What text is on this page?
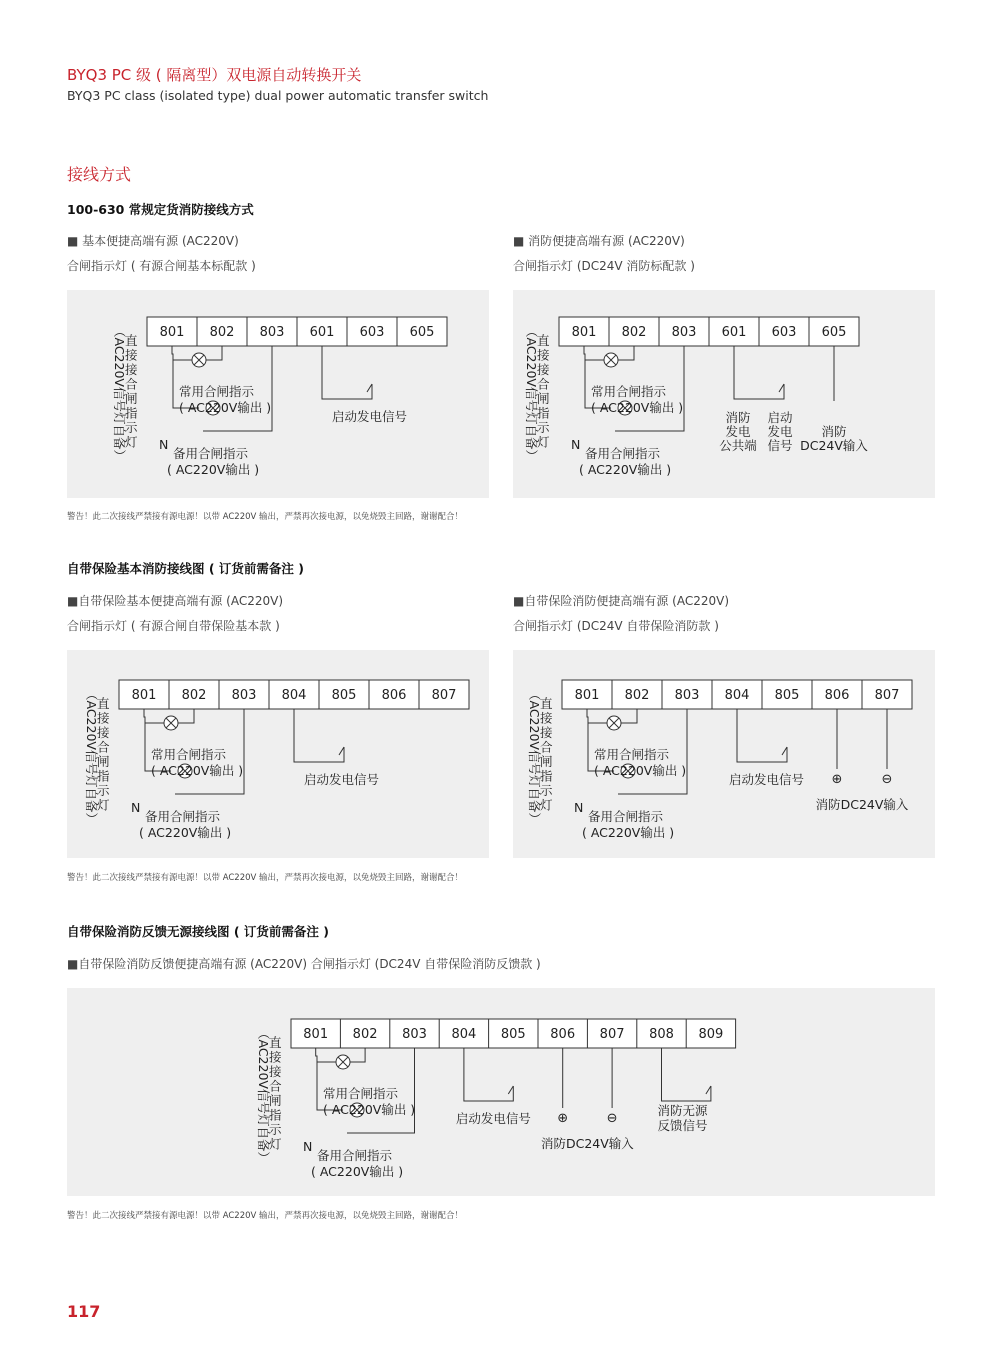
BYQ3 PC 级 ( 隔离型）双电源自动转换开关
BYQ3 PC class (isolated type) dual power automatic transfer switch
接线方式
100-630 常规定货消防接线方式
■ 基本便捷高端有源 (AC220V)
合闸指示灯 ( 有源合闸基本标配款 )
■ 消防便捷高端有源 (AC220V)
合闸指示灯 (DC24V 消防标配款 )
801 802 803 601 603 605
（AC220V信号灯自备）
直接接合闸指示灯
常用合闸指示
( AC220V输出 )
N
备用合闸指示
( AC220V输出 )
启动发电信号
801 802 803 601 603 605
（AC220V信号灯自备）
直接接合闸指示灯
常用合闸指示
( AC220V输出 )
N
备用合闸指示
( AC220V输出 )
消防
发电
公共端
启动
发电
信号
消防
DC24V输入
警告！此二次接线严禁接有源电源！以带 AC220V 输出，严禁再次接电源，以免烧毁主回路，谢谢配合！
自带保险基本消防接线图 ( 订货前需备注 )
■自带保险基本便捷高端有源 (AC220V)
合闸指示灯 ( 有源合闸自带保险基本款 )
■自带保险消防便捷高端有源 (AC220V)
合闸指示灯 (DC24V 自带保险消防款 )
801 802 803 804 805 806 807
（AC220V信号灯自备）
直接接合闸指示灯
常用合闸指示
( AC220V输出 )
N
备用合闸指示
( AC220V输出 )
启动发电信号
801 802 803 804 805 806 807
（AC220V信号灯自备）
直接接合闸指示灯
常用合闸指示
( AC220V输出 )
N
备用合闸指示
( AC220V输出 )
启动发电信号 ⊕	⊖
消防DC24V输入
警告！此二次接线严禁接有源电源！以带 AC220V 输出，严禁再次接电源，以免烧毁主回路，谢谢配合！
自带保险消防反馈无源接线图 ( 订货前需备注 )
■自带保险消防反馈便捷高端有源 (AC220V) 合闸指示灯 (DC24V 自带保险消防反馈款 )
801 802 803 804 805 806 807 808 809
（AC220V信号灯自备）
直接接合闸指示灯
常用合闸指示
( AC220V输出 )
N
备用合闸指示
( AC220V输出 )
启动发电信号 ⊕	⊖
消防DC24V输入
消防无源
反馈信号
警告！此二次接线严禁接有源电源！以带 AC220V 输出，严禁再次接电源，以免烧毁主回路，谢谢配合！
117
